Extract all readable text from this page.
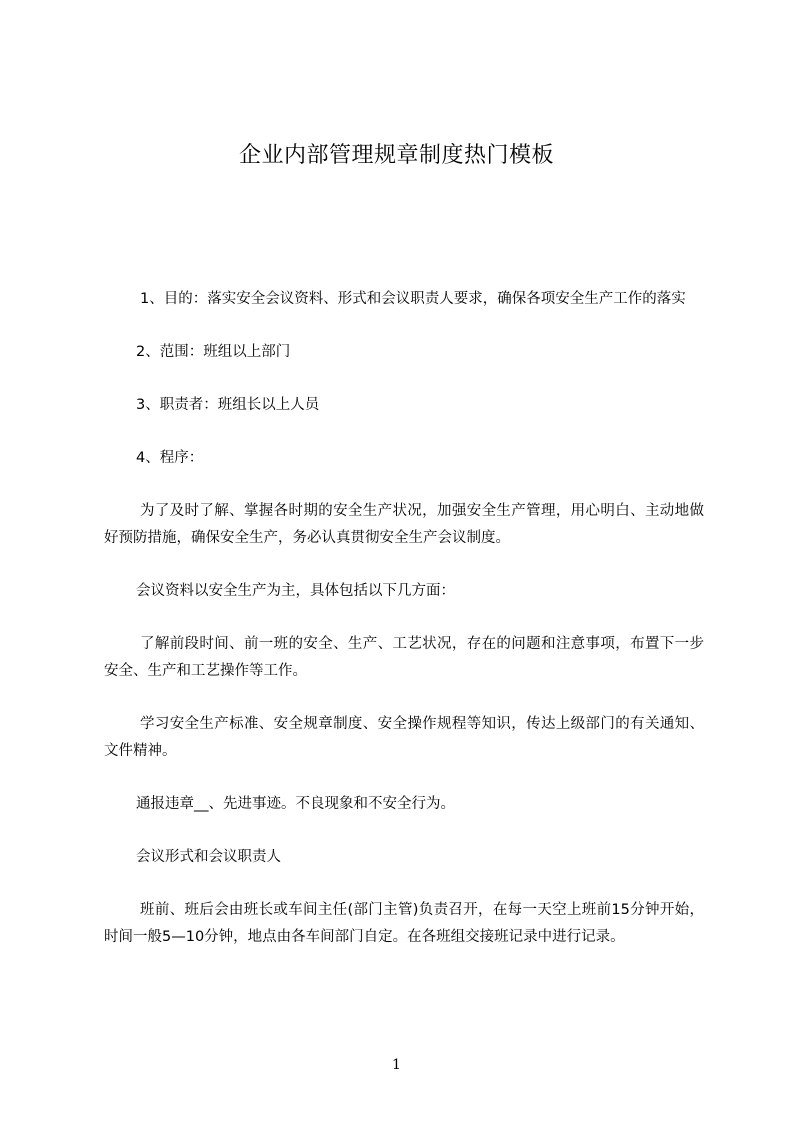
企业内部管理规章制度热门模板

1、目的：落实安全会议资料、形式和会议职责人要求，确保各项安全生产工作的落实

2、范围：班组以上部门

3、职责者：班组长以上人员

4、程序：

为了及时了解、掌握各时期的安全生产状况，加强安全生产管理，用心明白、主动地做好预防措施，确保安全生产，务必认真贯彻安全生产会议制度。

会议资料以安全生产为主，具体包括以下几方面：

了解前段时间、前一班的安全、生产、工艺状况，存在的问题和注意事项，布置下一步安全、生产和工艺操作等工作。

学习安全生产标准、安全规章制度、安全操作规程等知识，传达上级部门的有关通知、文件精神。

通报违章__、先进事迹。不良现象和不安全行为。

会议形式和会议职责人

班前、班后会由班长或车间主任(部门主管)负责召开，在每一天空上班前15分钟开始，时间一般5—10分钟，地点由各车间部门自定。在各班组交接班记录中进行记录。

1
